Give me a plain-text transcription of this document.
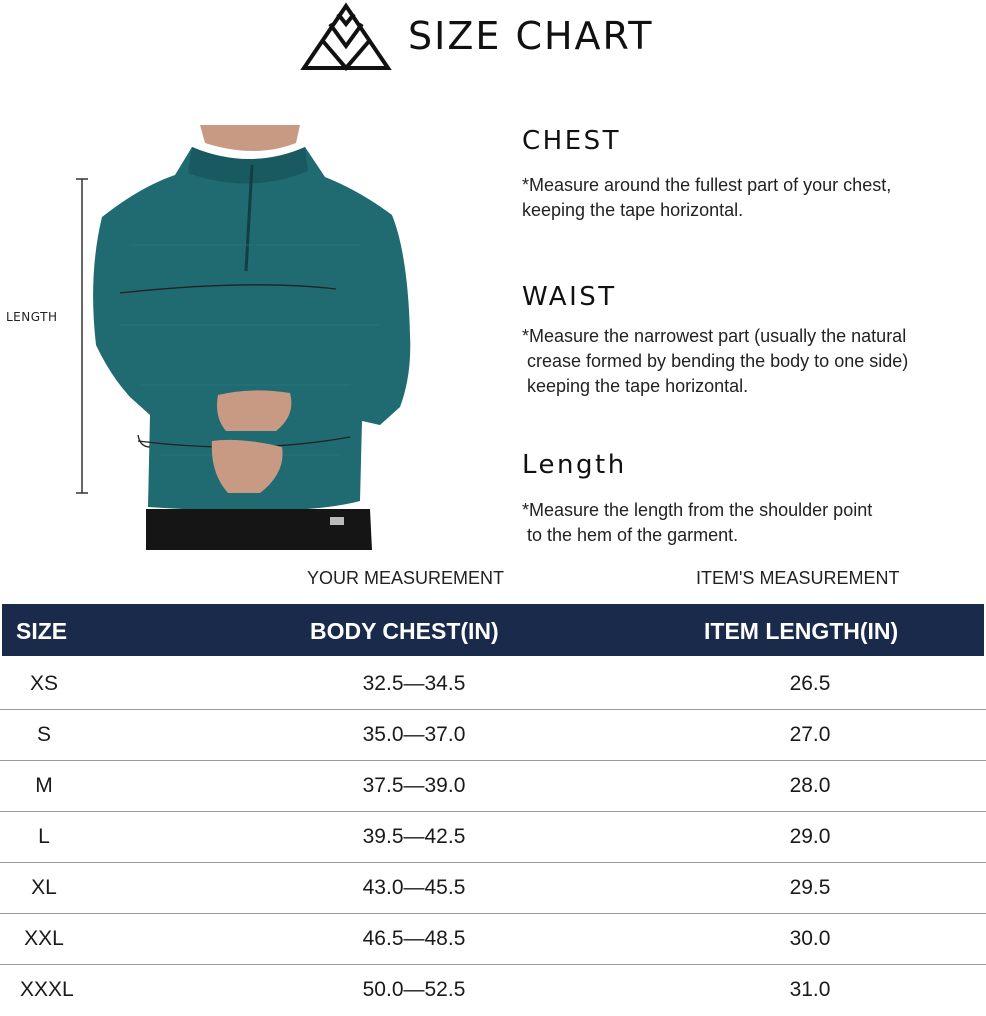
SIZE CHART
LENGTH
CHEST
*Measure around the fullest part of your chest,
keeping the tape horizontal.
WAIST
*Measure the narrowest part (usually the natural
crease formed by bending the body to one side)
keeping the tape horizontal.
Length
*Measure the length from the shoulder point
to the hem of the garment.
YOUR MEASUREMENT	ITEM'S MEASUREMENT
SIZE	BODY CHEST(IN)	ITEM LENGTH(IN)
XS	32.5—34.5	26.5
S	35.0—37.0	27.0
M	37.5—39.0	28.0
L	39.5—42.5	29.0
XL	43.0—45.5	29.5
XXL	46.5—48.5	30.0
XXXL	50.0—52.5	31.0
